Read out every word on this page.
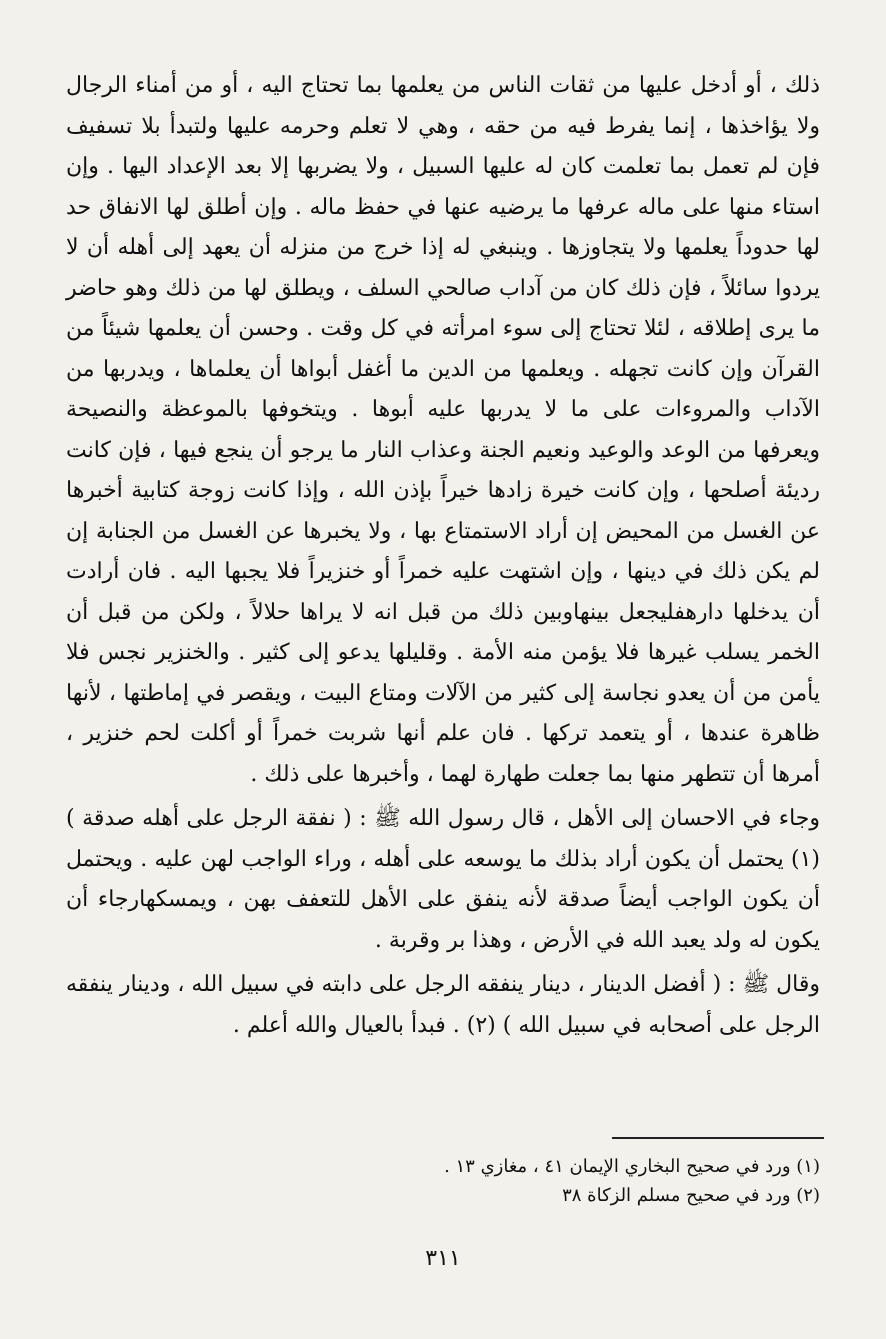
ذلك ، أو أدخل عليها من ثقات الناس من يعلمها بما تحتاج اليه ، أو من أمناء الرجال ولا يؤاخذها ، إنما يفرط فيه من حقه ، وهي لا تعلم وحرمه عليها ولتبدأ بلا تسفيف فإن لم تعمل بما تعلمت كان له عليها السبيل ، ولا يضربها إلا بعد الإعداد اليها . وإن استاء منها على ماله عرفها ما يرضيه عنها في حفظ ماله . وإن أطلق لها الانفاق حد لها حدوداً يعلمها ولا يتجاوزها . وينبغي له إذا خرج من منزله أن يعهد إلى أهله أن لا يردوا سائلاً ، فإن ذلك كان من آداب صالحي السلف ، ويطلق لها من ذلك وهو حاضر ما يرى إطلاقه ، لئلا تحتاج إلى سوء امرأته في كل وقت . وحسن أن يعلمها شيئاً من القرآن وإن كانت تجهله . ويعلمها من الدين ما أغفل أبواها أن يعلماها ، ويدربها من الآداب والمروءات على ما لا يدربها عليه أبوها . ويتخوفها بالموعظة والنصيحة ويعرفها من الوعد والوعيد ونعيم الجنة وعذاب النار ما يرجو أن ينجع فيها ، فإن كانت رديئة أصلحها ، وإن كانت خيرة زادها خيراً بإذن الله ، وإذا كانت زوجة كتابية أخبرها عن الغسل من المحيض إن أراد الاستمتاع بها ، ولا يخبرها عن الغسل من الجنابة إن لم يكن ذلك في دينها ، وإن اشتهت عليه خمراً أو خنزيراً فلا يجبها اليه . فان أرادت أن يدخلها دارهفليجعل بينهاوبين ذلك من قبل انه لا يراها حلالاً ، ولكن من قبل أن الخمر يسلب غيرها فلا يؤمن منه الأمة . وقليلها يدعو إلى كثير . والخنزير نجس فلا يأمن من أن يعدو نجاسة إلى كثير من الآلات ومتاع البيت ، ويقصر في إماطتها ، لأنها ظاهرة عندها ، أو يتعمد تركها . فان علم أنها شربت خمراً أو أكلت لحم خنزير ، أمرها أن تتطهر منها بما جعلت طهارة لهما ، وأخبرها على ذلك .

وجاء في الاحسان إلى الأهل ، قال رسول الله ﷺ : ( نفقة الرجل على أهله صدقة ) (١) يحتمل أن يكون أراد بذلك ما يوسعه على أهله ، وراء الواجب لهن عليه . ويحتمل أن يكون الواجب أيضاً صدقة لأنه ينفق على الأهل للتعفف بهن ، ويمسكهارجاء أن يكون له ولد يعبد الله في الأرض ، وهذا بر وقربة .

وقال ﷺ : ( أفضل الدينار ، دينار ينفقه الرجل على دابته في سبيل الله ، ودينار ينفقه الرجل على أصحابه في سبيل الله ) (٢) . فبدأ بالعيال والله أعلم .

(١) ورد في صحيح البخاري الإيمان ٤١ ، مغازي ١٣ .

(٢) ورد في صحيح مسلم الزكاة ٣٨

٣١١
